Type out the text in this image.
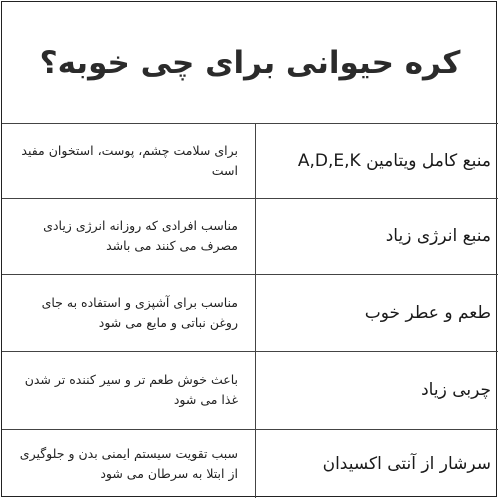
کره حیوانی برای چی خوبه؟
منبع کامل ویتامین A,D,E,K
برای سلامت چشم، پوست، استخوان مفید است
منبع انرژی زیاد
مناسب افرادی که روزانه انرژی زیادی مصرف می کنند می باشد
طعم و عطر خوب
مناسب برای آشپزی و استفاده به جای روغن نباتی و مایع می شود
چربی زیاد
باعث خوش طعم تر و سیر کننده تر شدن غذا می شود
سرشار از آنتی اکسیدان
سبب تقویت سیستم ایمنی بدن و جلوگیری از ابتلا به سرطان می شود
